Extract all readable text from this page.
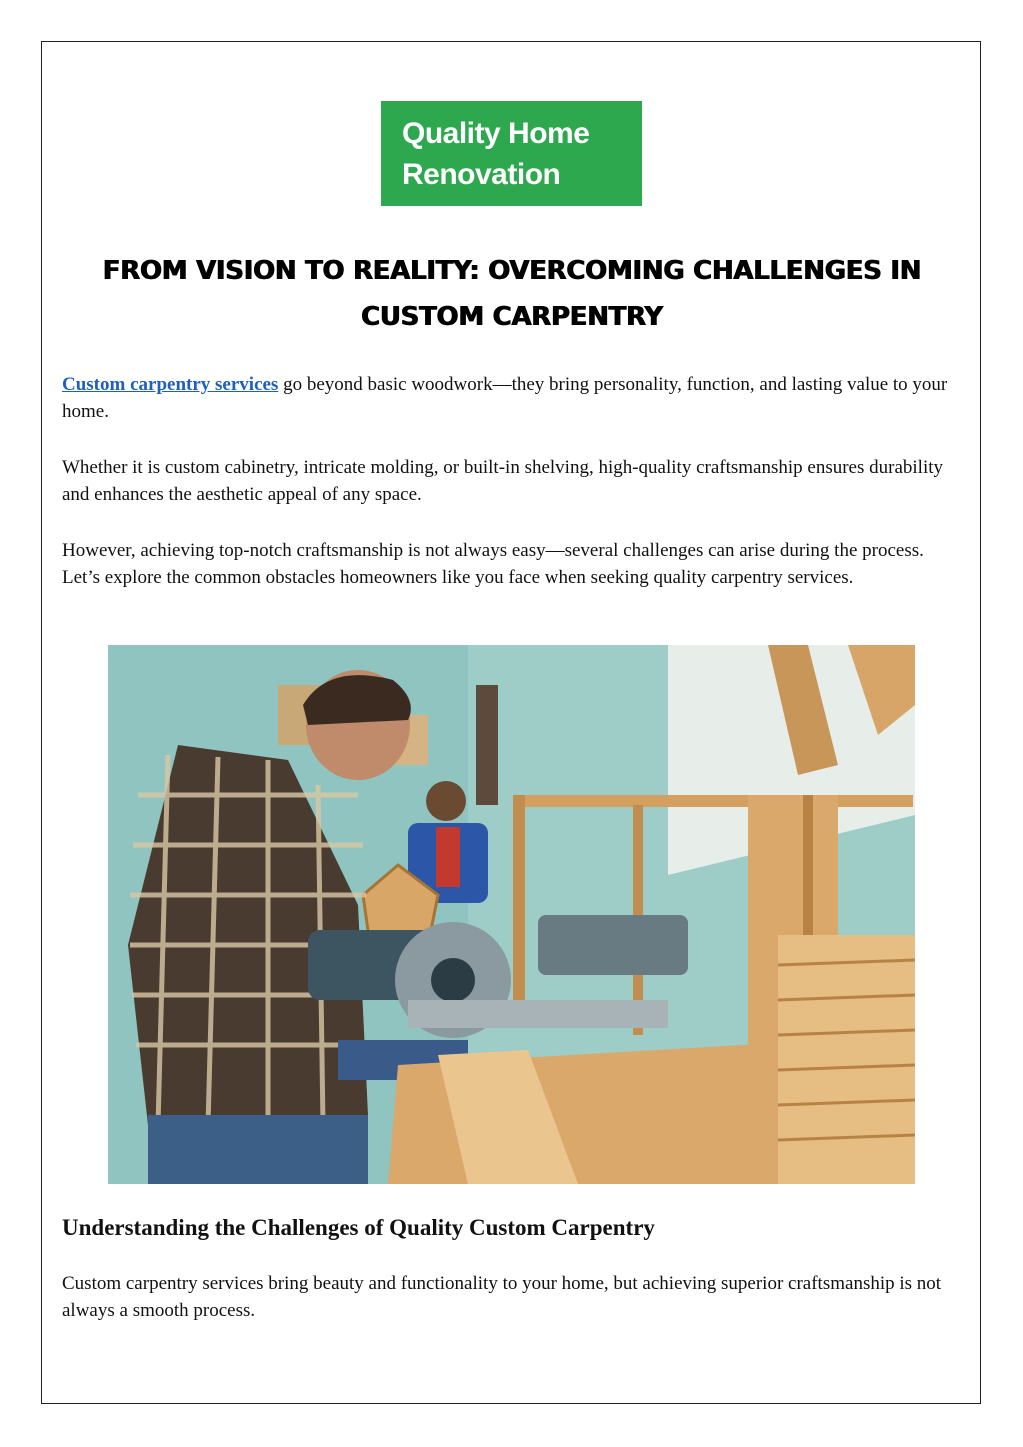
Quality Home
Renovation
FROM VISION TO REALITY: OVERCOMING CHALLENGES IN
CUSTOM CARPENTRY

Custom carpentry services go beyond basic woodwork—they bring personality, function, and lasting value to your home.

Whether it is custom cabinetry, intricate molding, or built-in shelving, high-quality craftsmanship ensures durability and enhances the aesthetic appeal of any space.

However, achieving top-notch craftsmanship is not always easy—several challenges can arise during the process. Let’s explore the common obstacles homeowners like you face when seeking quality carpentry services.

Understanding the Challenges of Quality Custom Carpentry

Custom carpentry services bring beauty and functionality to your home, but achieving superior craftsmanship is not always a smooth process.
